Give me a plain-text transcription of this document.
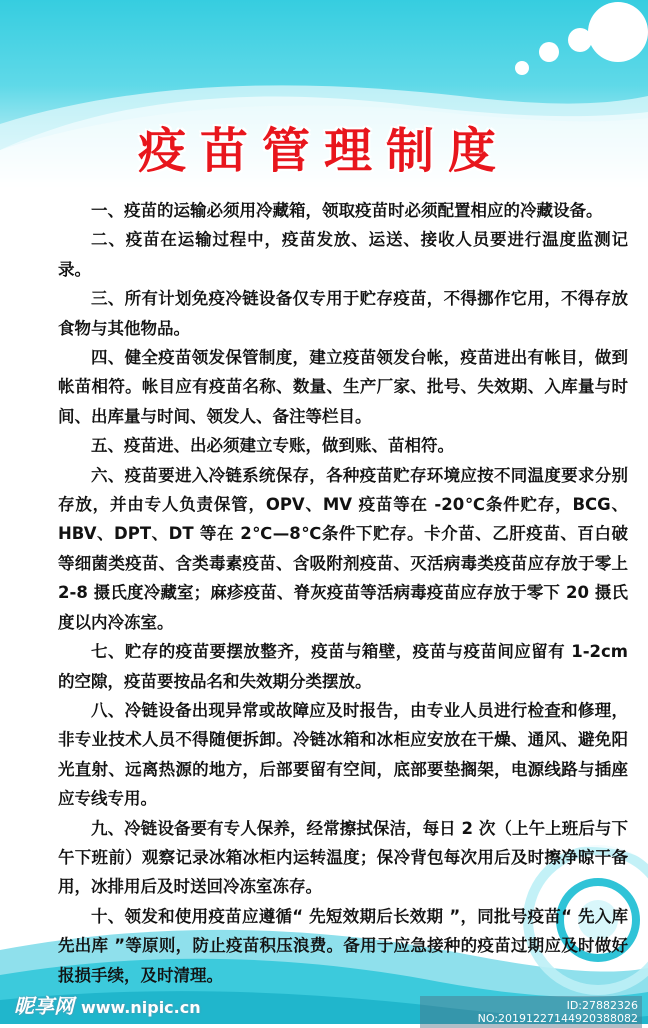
疫苗管理制度

一、疫苗的运输必须用冷藏箱，领取疫苗时必须配置相应的冷藏设备。

二、疫苗在运输过程中，疫苗发放、运送、接收人员要进行温度监测记录。

三、所有计划免疫冷链设备仅专用于贮存疫苗，不得挪作它用，不得存放食物与其他物品。

四、健全疫苗领发保管制度，建立疫苗领发台帐，疫苗进出有帐目，做到帐苗相符。帐目应有疫苗名称、数量、生产厂家、批号、失效期、入库量与时间、出库量与时间、领发人、备注等栏目。

五、疫苗进、出必须建立专账，做到账、苗相符。

六、疫苗要进入冷链系统保存，各种疫苗贮存环境应按不同温度要求分别存放，并由专人负责保管，OPV、MV 疫苗等在 -20℃条件贮存，BCG、HBV、DPT、DT 等在 2℃—8℃条件下贮存。卡介苗、乙肝疫苗、百白破等细菌类疫苗、含类毒素疫苗、含吸附剂疫苗、灭活病毒类疫苗应存放于零上 2-8 摄氏度冷藏室；麻疹疫苗、脊灰疫苗等活病毒疫苗应存放于零下 20 摄氏度以内冷冻室。

七、贮存的疫苗要摆放整齐，疫苗与箱壁，疫苗与疫苗间应留有 1-2cm 的空隙，疫苗要按品名和失效期分类摆放。

八、冷链设备出现异常或故障应及时报告，由专业人员进行检查和修理，非专业技术人员不得随便拆卸。冷链冰箱和冰柜应安放在干燥、通风、避免阳光直射、远离热源的地方，后部要留有空间，底部要垫搁架，电源线路与插座应专线专用。

九、冷链设备要有专人保养，经常擦拭保洁，每日 2 次（上午上班后与下午下班前）观察记录冰箱冰柜内运转温度；保冷背包每次用后及时擦净晾干备用，冰排用后及时送回冷冻室冻存。

十、领发和使用疫苗应遵循“ 先短效期后长效期 ”，同批号疫苗“ 先入库先出库 ”等原则，防止疫苗积压浪费。备用于应急接种的疫苗过期应及时做好报损手续，及时清理。

昵享网 www.nipic.cn	ID:27882326 NO:20191227144920388082
